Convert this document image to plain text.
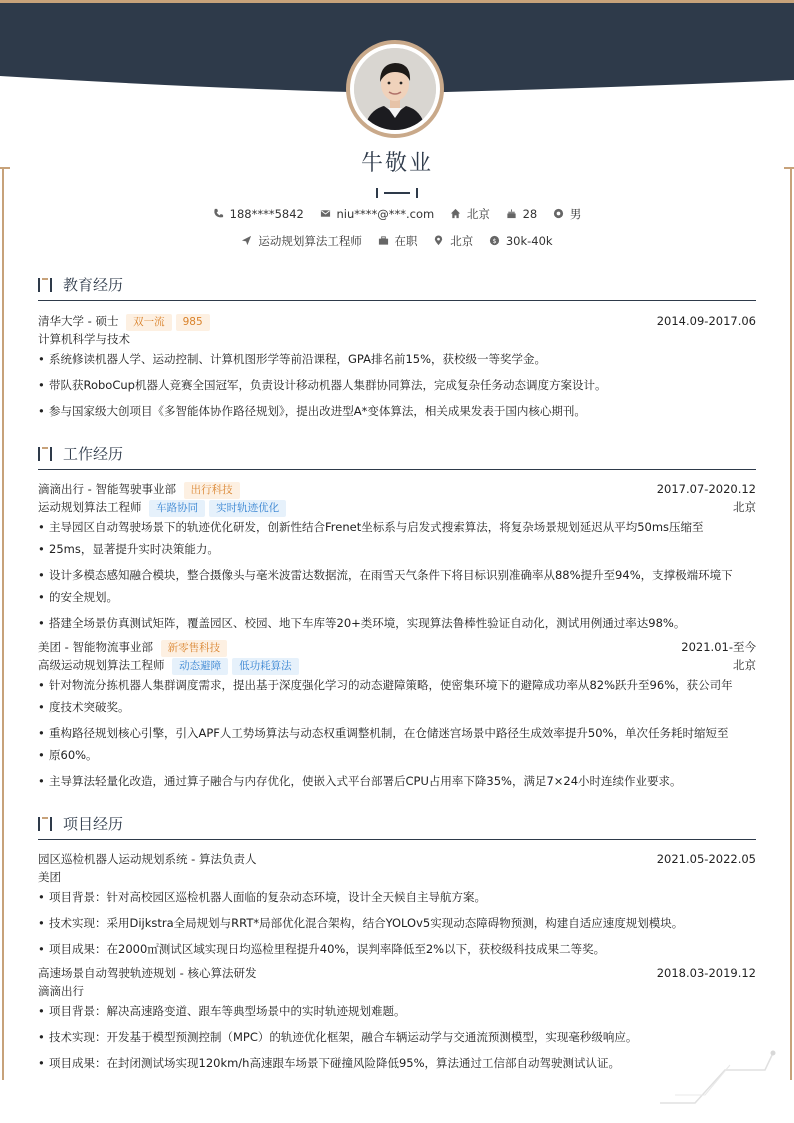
牛敬业
188****5842	niu****@***.com	北京	28	男
运动规划算法工程师	在职	北京	$ 30k-40k
教育经历
清华大学 - 硕士 双一流 985	2014.09-2017.06
计算机科学与技术
• 系统修读机器人学、运动控制、计算机图形学等前沿课程，GPA排名前15%，获校级一等奖学金。
• 带队获RoboCup机器人竞赛全国冠军，负责设计移动机器人集群协同算法，完成复杂任务动态调度方案设计。
• 参与国家级大创项目《多智能体协作路径规划》，提出改进型A*变体算法，相关成果发表于国内核心期刊。
工作经历
滴滴出行 - 智能驾驶事业部 出行科技	2017.07-2020.12
运动规划算法工程师 车路协同 实时轨迹优化	北京
• 主导园区自动驾驶场景下的轨迹优化研发，创新性结合Frenet坐标系与启发式搜索算法，将复杂场景规划延迟从平均50ms压缩至
• 25ms，显著提升实时决策能力。
• 设计多模态感知融合模块，整合摄像头与毫米波雷达数据流，在雨雪天气条件下将目标识别准确率从88%提升至94%，支撑极端环境下
• 的安全规划。
• 搭建全场景仿真测试矩阵，覆盖园区、校园、地下车库等20+类环境，实现算法鲁棒性验证自动化，测试用例通过率达98%。
美团 - 智能物流事业部 新零售科技	2021.01-至今
高级运动规划算法工程师 动态避障 低功耗算法	北京
• 针对物流分拣机器人集群调度需求，提出基于深度强化学习的动态避障策略，使密集环境下的避障成功率从82%跃升至96%，获公司年
• 度技术突破奖。
• 重构路径规划核心引擎，引入APF人工势场算法与动态权重调整机制，在仓储迷宫场景中路径生成效率提升50%，单次任务耗时缩短至
• 原60%。
• 主导算法轻量化改造，通过算子融合与内存优化，使嵌入式平台部署后CPU占用率下降35%，满足7×24小时连续作业要求。
项目经历
园区巡检机器人运动规划系统 - 算法负责人	2021.05-2022.05
美团
• 项目背景：针对高校园区巡检机器人面临的复杂动态环境，设计全天候自主导航方案。
• 技术实现：采用Dijkstra全局规划与RRT*局部优化混合架构，结合YOLOv5实现动态障碍物预测，构建自适应速度规划模块。
• 项目成果：在2000㎡测试区域实现日均巡检里程提升40%，误判率降低至2%以下，获校级科技成果二等奖。
高速场景自动驾驶轨迹规划 - 核心算法研发	2018.03-2019.12
滴滴出行
• 项目背景：解决高速路变道、跟车等典型场景中的实时轨迹规划难题。
• 技术实现：开发基于模型预测控制（MPC）的轨迹优化框架，融合车辆运动学与交通流预测模型，实现毫秒级响应。
• 项目成果：在封闭测试场实现120km/h高速跟车场景下碰撞风险降低95%，算法通过工信部自动驾驶测试认证。
